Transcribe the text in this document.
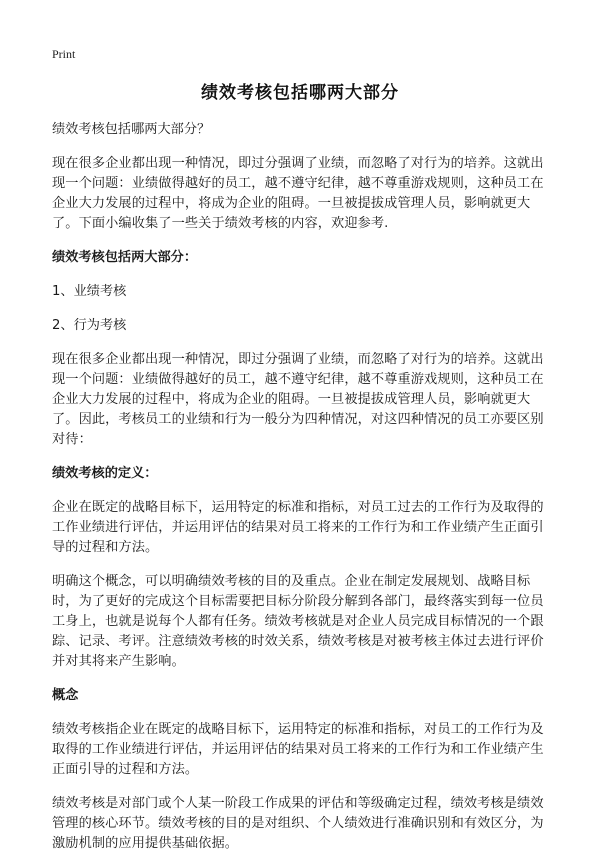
Print
绩效考核包括哪两大部分

绩效考核包括哪两大部分？

现在很多企业都出现一种情况，即过分强调了业绩，而忽略了对行为的培养。这就出现一个问题：业绩做得越好的员工，越不遵守纪律，越不尊重游戏规则，这种员工在企业大力发展的过程中，将成为企业的阻碍。一旦被提拔成管理人员，影响就更大了。下面小编收集了一些关于绩效考核的内容，欢迎参考.

绩效考核包括两大部分：

1、业绩考核

2、行为考核

现在很多企业都出现一种情况，即过分强调了业绩，而忽略了对行为的培养。这就出现一个问题：业绩做得越好的员工，越不遵守纪律，越不尊重游戏规则，这种员工在企业大力发展的过程中，将成为企业的阻碍。一旦被提拔成管理人员，影响就更大了。因此，考核员工的业绩和行为一般分为四种情况，对这四种情况的员工亦要区别对待：

绩效考核的定义：

企业在既定的战略目标下，运用特定的标准和指标，对员工过去的工作行为及取得的工作业绩进行评估，并运用评估的结果对员工将来的工作行为和工作业绩产生正面引导的过程和方法。

明确这个概念，可以明确绩效考核的目的及重点。企业在制定发展规划、战略目标时，为了更好的完成这个目标需要把目标分阶段分解到各部门，最终落实到每一位员工身上，也就是说每个人都有任务。绩效考核就是对企业人员完成目标情况的一个跟踪、记录、考评。注意绩效考核的时效关系，绩效考核是对被考核主体过去进行评价并对其将来产生影响。

概念

绩效考核指企业在既定的战略目标下，运用特定的标准和指标，对员工的工作行为及取得的工作业绩进行评估，并运用评估的结果对员工将来的工作行为和工作业绩产生正面引导的过程和方法。

绩效考核是对部门或个人某一阶段工作成果的评估和等级确定过程，绩效考核是绩效管理的核心环节。绩效考核的目的是对组织、个人绩效进行准确识别和有效区分，为激励机制的应用提供基础依据。
